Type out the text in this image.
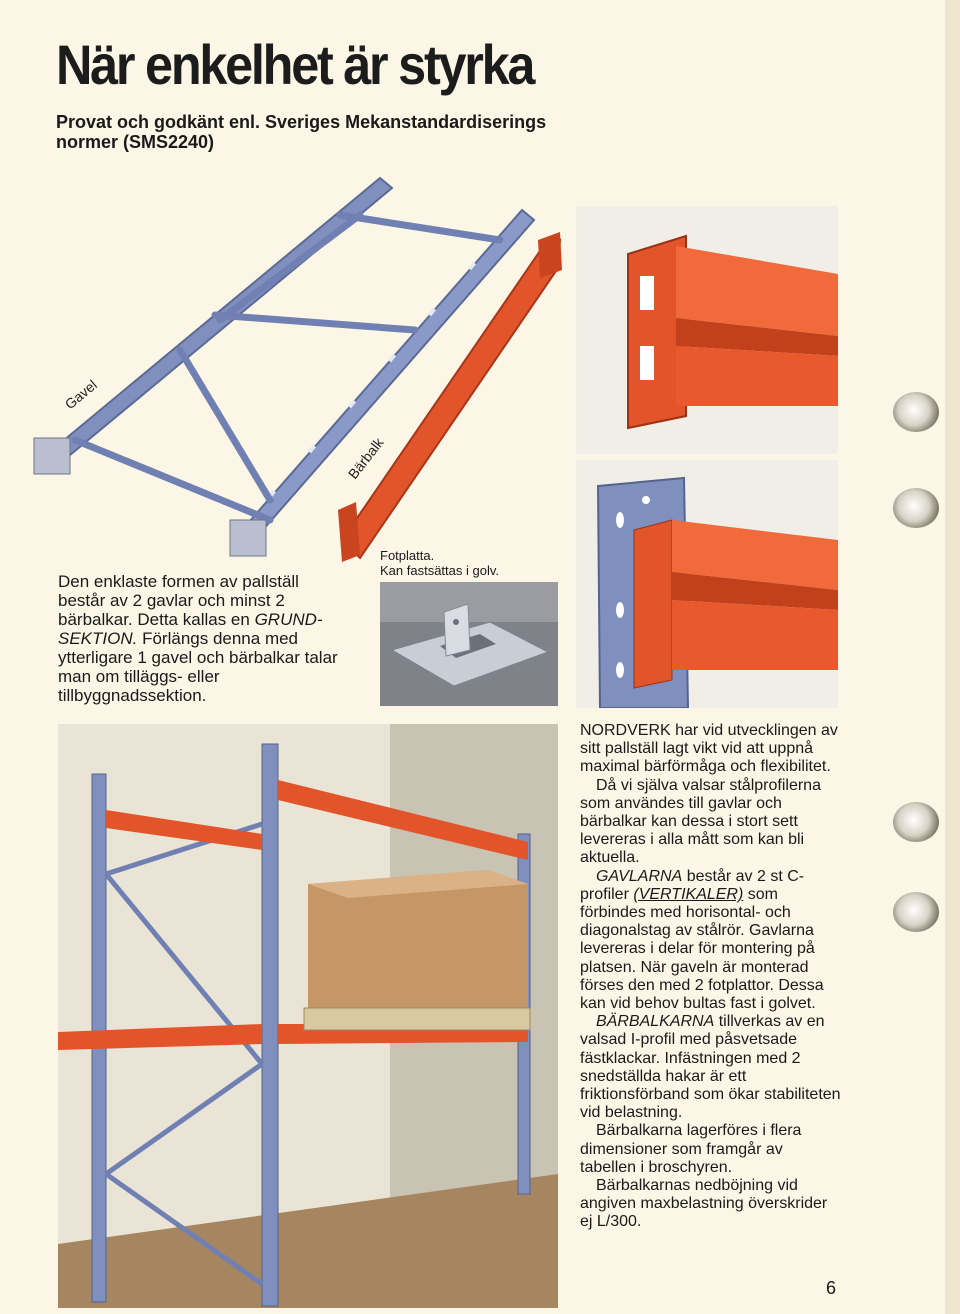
När enkelhet är styrka

Provat och godkänt enl. Sveriges Mekanstandardiserings normer (SMS2240)

Gavel
Bärbalk

Den enklaste formen av pallställ består av 2 gavlar och minst 2 bärbalkar. Detta kallas en GRUND-SEKTION. Förlängs denna med ytterligare 1 gavel och bärbalkar talar man om tilläggs- eller tillbyggnadssektion.

Fotplatta.
Kan fastsättas i golv.

NORDVERK har vid utvecklingen av sitt pallställ lagt vikt vid att uppnå maximal bärförmåga och flexibilitet.

Då vi själva valsar stålprofilerna som användes till gavlar och bärbalkar kan dessa i stort sett levereras i alla mått som kan bli aktuella.

GAVLARNA består av 2 st C-profiler (VERTIKALER) som förbindes med horisontal- och diagonalstag av stålrör. Gavlarna levereras i delar för montering på platsen. När gaveln är monterad förses den med 2 fotplattor. Dessa kan vid behov bultas fast i golvet.

BÄRBALKARNA tillverkas av en valsad I-profil med påsvetsade fästklackar. Infästningen med 2 snedställda hakar är ett friktionsförband som ökar stabiliteten vid belastning.

Bärbalkarna lagerföres i flera dimensioner som framgår av tabellen i broschyren.

Bärbalkarnas nedböjning vid angiven maxbelastning överskrider ej L/300.

6
